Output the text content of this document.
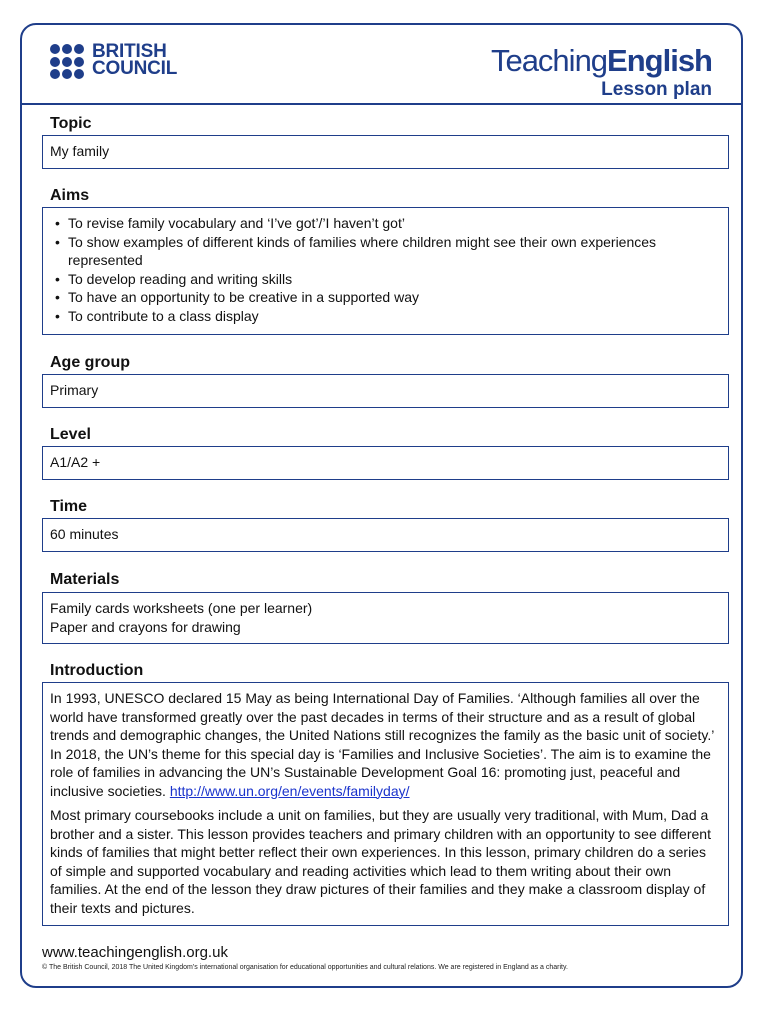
BRITISH
COUNCIL	TeachingEnglish
Lesson plan
Topic
My family
Aims
• To revise family vocabulary and ‘I’ve got’/’I haven’t got’
• To show examples of different kinds of families where children might see their own experiences represented
• To develop reading and writing skills
• To have an opportunity to be creative in a supported way
• To contribute to a class display
Age group
Primary
Level
A1/A2 +
Time
60 minutes
Materials
Family cards worksheets (one per learner)
Paper and crayons for drawing
Introduction

In 1993, UNESCO declared 15 May as being International Day of Families. ‘Although families all over the world have transformed greatly over the past decades in terms of their structure and as a result of global trends and demographic changes, the United Nations still recognizes the family as the basic unit of society.’ In 2018, the UN’s theme for this special day is ‘Families and Inclusive Societies’. The aim is to examine the role of families in advancing the UN’s Sustainable Development Goal 16: promoting just, peaceful and inclusive societies. http://www.un.org/en/events/familyday/

Most primary coursebooks include a unit on families, but they are usually very traditional, with Mum, Dad a brother and a sister. This lesson provides teachers and primary children with an opportunity to see different kinds of families that might better reflect their own experiences. In this lesson, primary children do a series of simple and supported vocabulary and reading activities which lead to them writing about their own families. At the end of the lesson they draw pictures of their families and they make a classroom display of their texts and pictures.

www.teachingenglish.org.uk
© The British Council, 2018 The United Kingdom’s international organisation for educational opportunities and cultural relations. We are registered in England as a charity.
